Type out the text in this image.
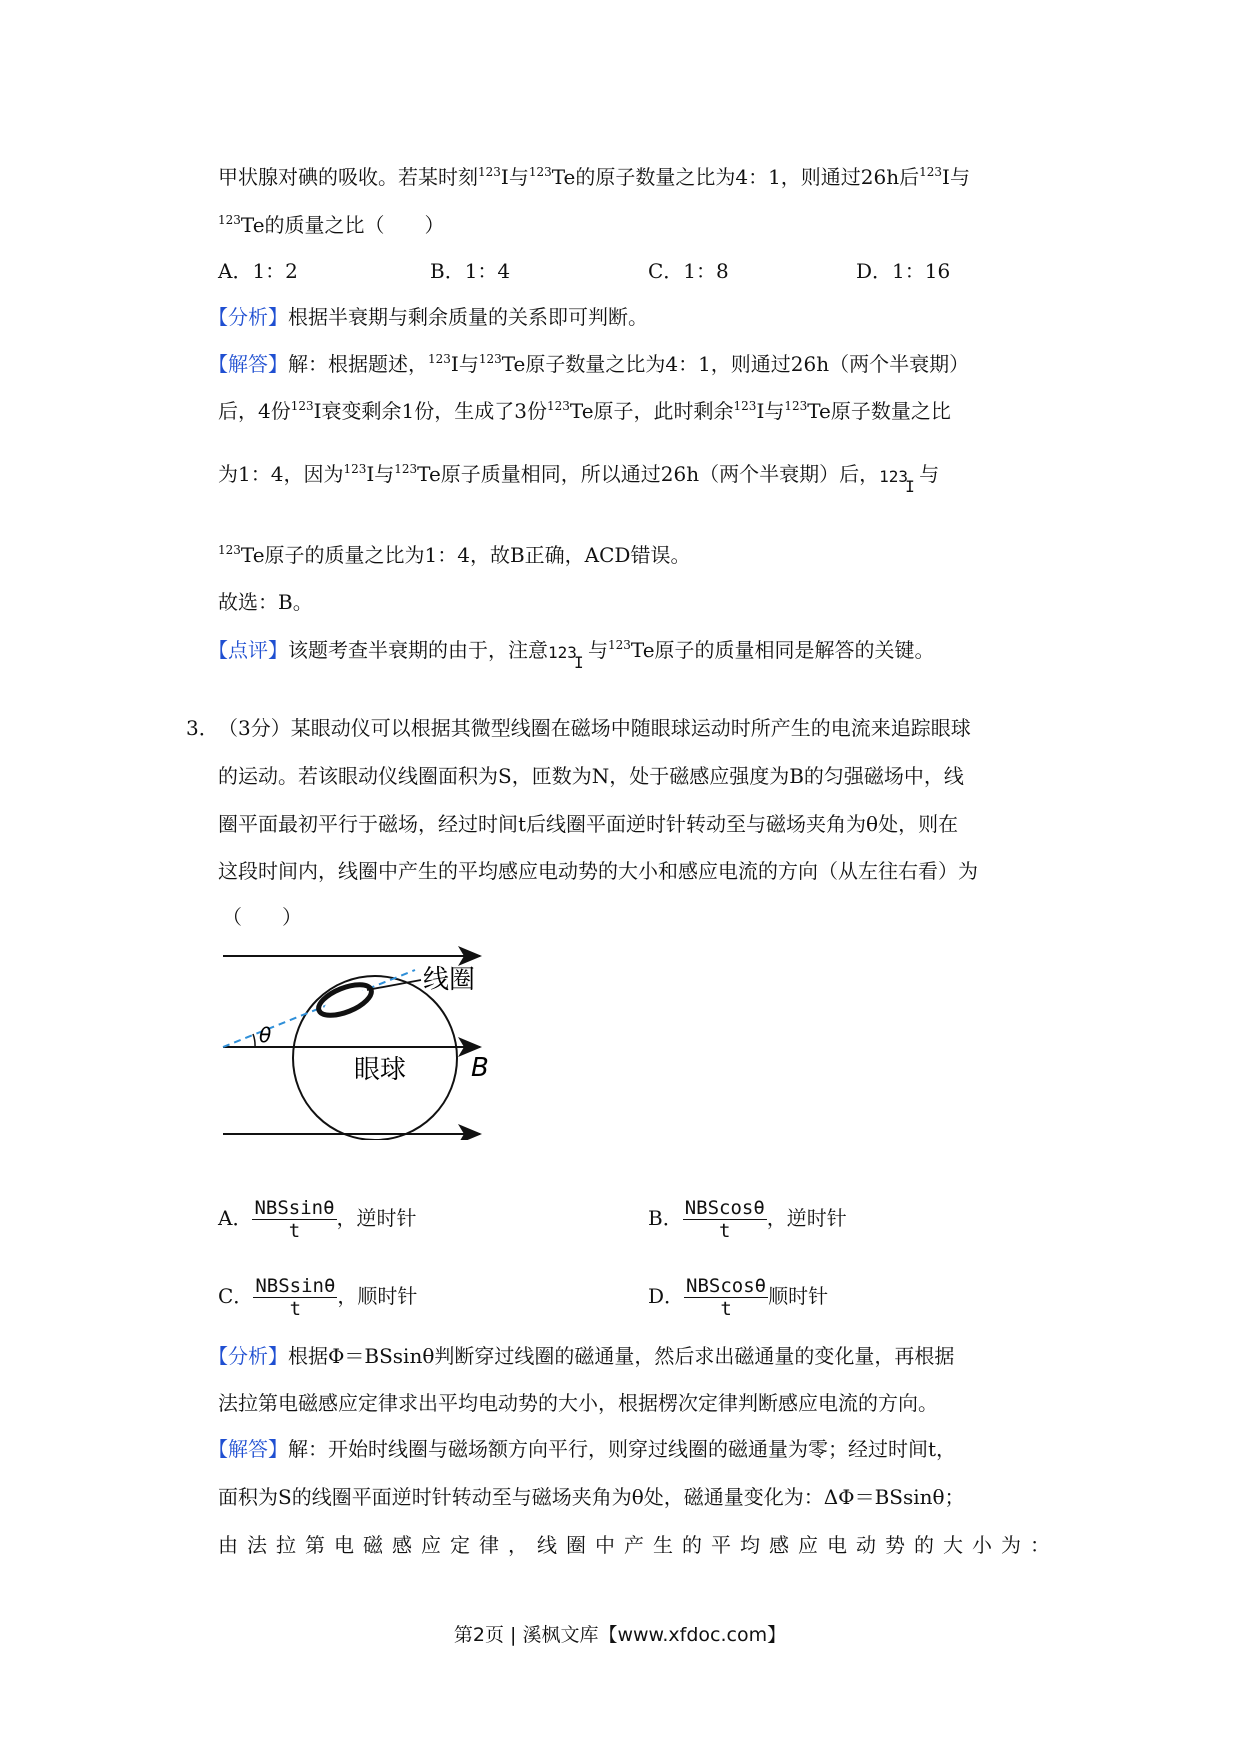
甲状腺对碘的吸收。若某时刻$^{123}$I与$^{123}$Te的原子数量之比为4：1，则通过26h后$^{123}$I与
$^{123}$Te的质量之比（　　）
A．1：2	B．1：4	C．1：8	D．1：16
【分析】根据半衰期与剩余质量的关系即可判断。
【解答】解：根据题述，$^{123}$I与$^{123}$Te原子数量之比为4：1，则通过26h（两个半衰期）
后，4份$^{123}$I衰变剩余1份，生成了3份$^{123}$Te原子，此时剩余$^{123}$I与$^{123}$Te原子数量之比
为1：4，因为$^{123}$I与$^{123}$Te原子质量相同，所以通过26h（两个半衰期）后， 123
I 与
$^{123}$Te原子的质量之比为1：4，故B正确，ACD错误。
故选：B。
【点评】该题考查半衰期的由于，注意 123
I 与$^{123}$Te原子的质量相同是解答的关键。
3． （3分）某眼动仪可以根据其微型线圈在磁场中随眼球运动时所产生的电流来追踪眼球
的运动。若该眼动仪线圈面积为S，匝数为N，处于磁感应强度为B的匀强磁场中，线
圈平面最初平行于磁场，经过时间t后线圈平面逆时针转动至与磁场夹角为θ处，则在
这段时间内，线圈中产生的平均感应电动势的大小和感应电流的方向（从左往右看）为
（　　）
θ
线圈
眼球 B
A． $\frac{\text{NBSsinθ}}{t}$ ，逆时针	B． $\frac{\text{NBScosθ}}{t}$ ，逆时针
C． $\frac{\text{NBSsinθ}}{t}$ ，顺时针	D． $\frac{\text{NBScosθ}}{t}$ 顺时针
【分析】根据Φ＝BSsinθ判断穿过线圈的磁通量，然后求出磁通量的变化量，再根据
法拉第电磁感应定律求出平均电动势的大小，根据楞次定律判断感应电流的方向。
【解答】解：开始时线圈与磁场额方向平行，则穿过线圈的磁通量为零；经过时间t，
面积为S的线圈平面逆时针转动至与磁场夹角为θ处，磁通量变化为：ΔΦ＝BSsinθ；
由法拉第电磁感应定律，线圈中产生的平均感应电动势的大小为：
第2页 | 溪枫文库【www.xfdoc.com】
